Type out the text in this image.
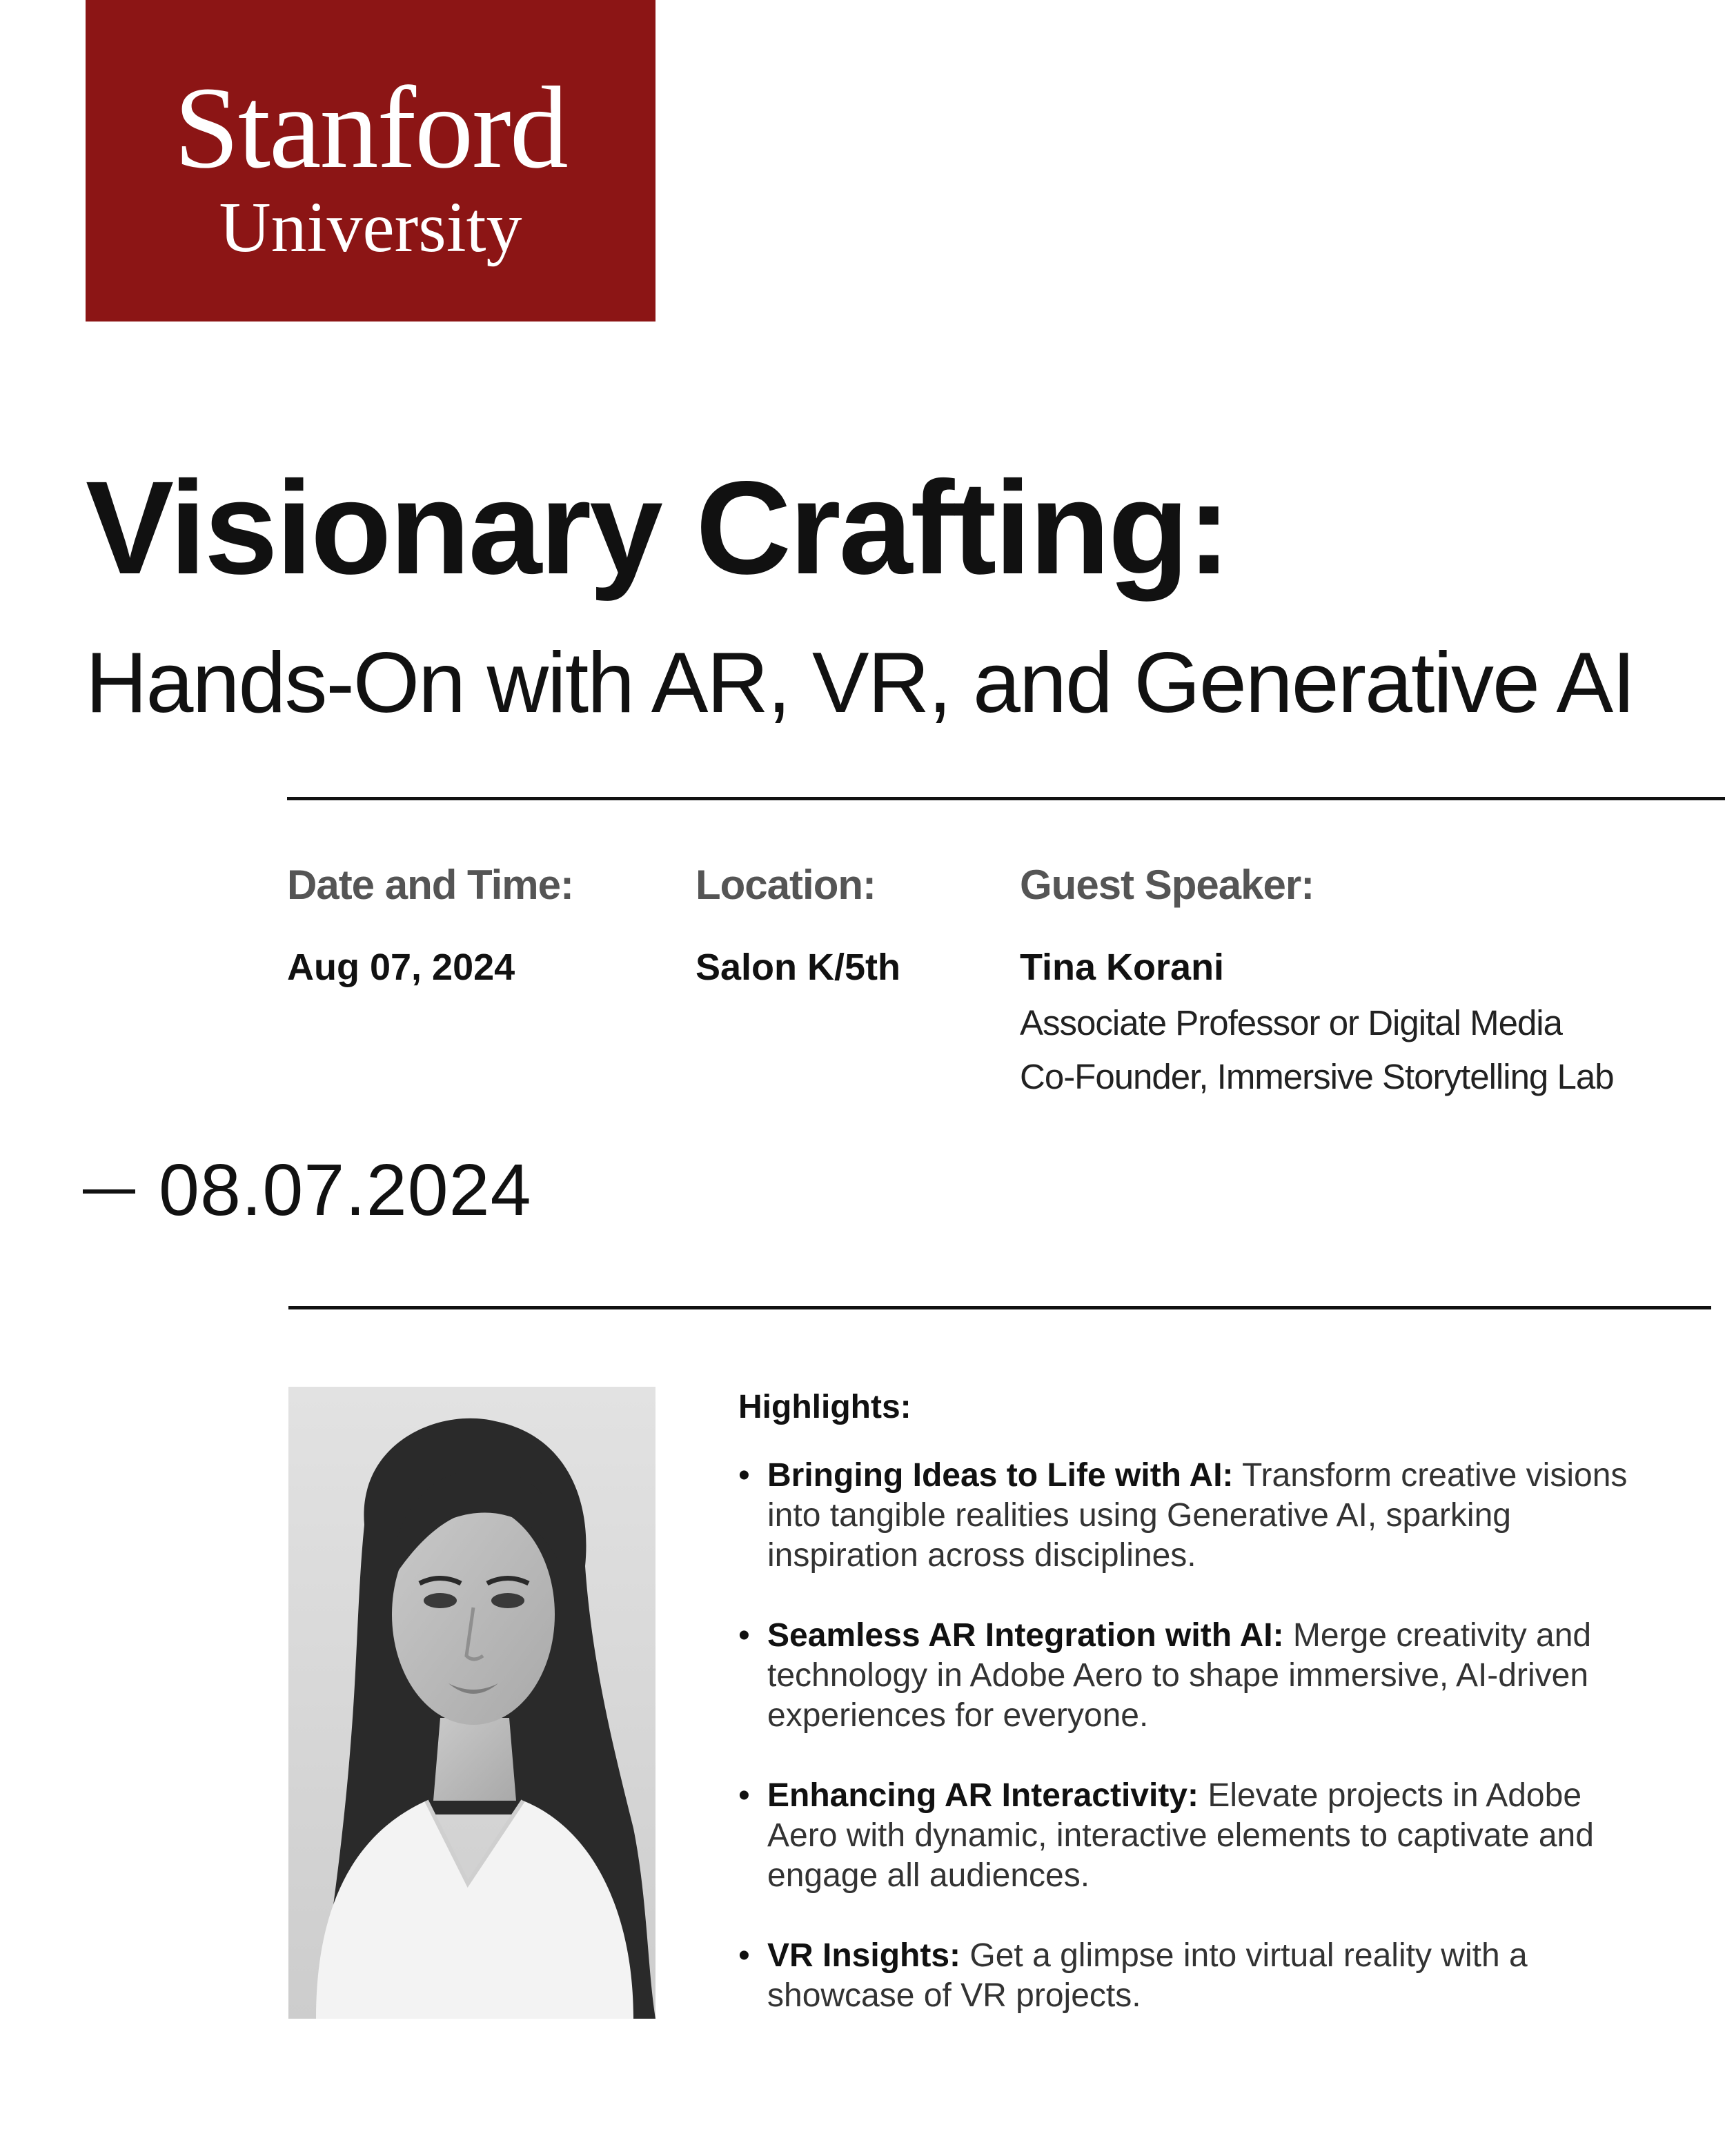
Stanford
University
Visionary Crafting:
Hands-On with AR, VR, and Generative AI
Date and Time:	Location:	Guest Speaker:
Aug 07, 2024	Salon K/5th	Tina Korani
Associate Professor or Digital Media
Co-Founder, Immersive Storytelling Lab
08.07.2024
Highlights:
• Bringing Ideas to Life with AI: Transform creative visions into tangible realities using Generative AI, sparking inspiration across disciplines.
• Seamless AR Integration with AI: Merge creativity and technology in Adobe Aero to shape immersive, AI-driven experiences for everyone.
• Enhancing AR Interactivity: Elevate projects in Adobe Aero with dynamic, interactive elements to captivate and engage all audiences.
• VR Insights: Get a glimpse into virtual reality with a showcase of VR projects.
